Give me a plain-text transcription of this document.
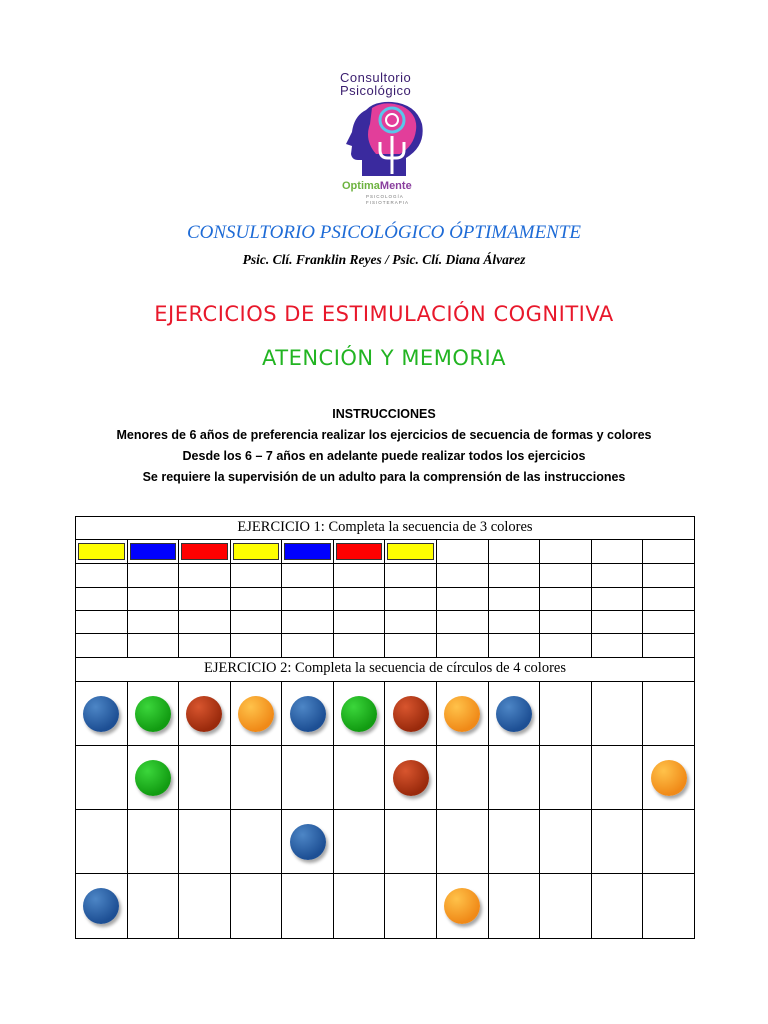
Consultorio
Psicológico
OptimaMente
PSICOLOGÍA
FISIOTERAPIA
CONSULTORIO PSICOLÓGICO ÓPTIMAMENTE
Psic. Clí. Franklin Reyes / Psic. Clí. Diana Álvarez
EJERCICIOS DE ESTIMULACIÓN COGNITIVA
ATENCIÓN Y MEMORIA
INSTRUCCIONES
Menores de 6 años de preferencia realizar los ejercicios de secuencia de formas y colores
Desde los 6 – 7 años en adelante puede realizar todos los ejercicios
Se requiere la supervisión de un adulto para la comprensión de las instrucciones
EJERCICIO 1: Completa la secuencia de 3 colores
EJERCICIO 2: Completa la secuencia de círculos de 4 colores
